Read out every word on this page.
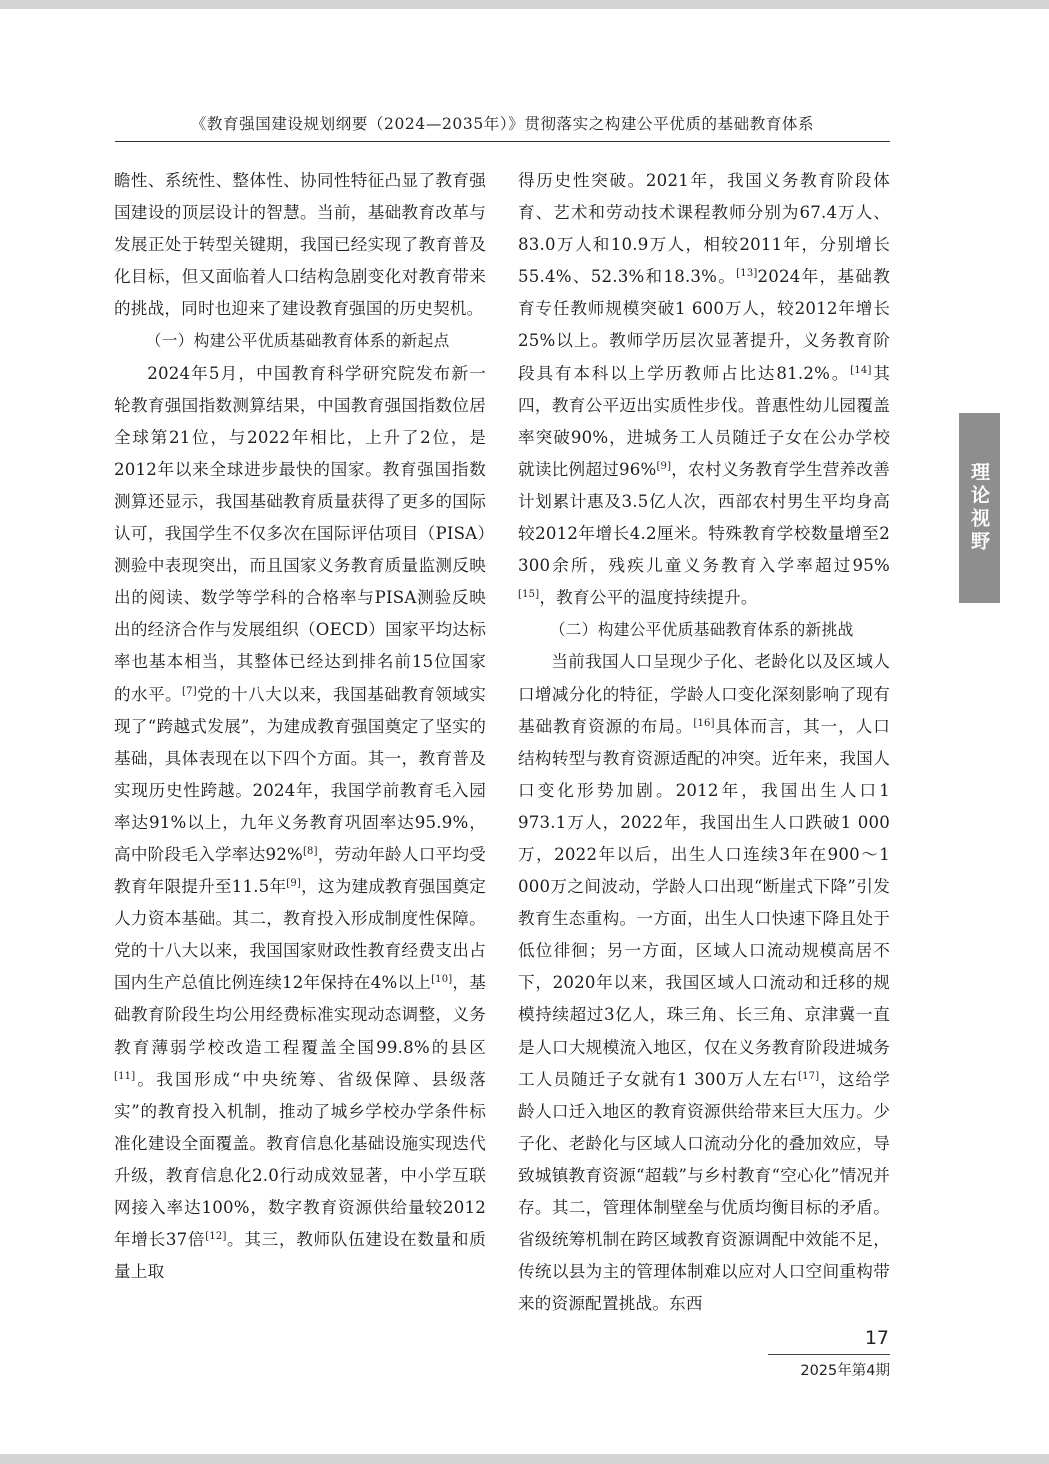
《教育强国建设规划纲要（2024—2035年）》贯彻落实之构建公平优质的基础教育体系

瞻性、系统性、整体性、协同性特征凸显了教育强国建设的顶层设计的智慧。当前，基础教育改革与发展正处于转型关键期，我国已经实现了教育普及化目标，但又面临着人口结构急剧变化对教育带来的挑战，同时也迎来了建设教育强国的历史契机。

（一）构建公平优质基础教育体系的新起点

2024年5月，中国教育科学研究院发布新一轮教育强国指数测算结果，中国教育强国指数位居全球第21位，与2022年相比，上升了2位，是2012年以来全球进步最快的国家。教育强国指数测算还显示，我国基础教育质量获得了更多的国际认可，我国学生不仅多次在国际评估项目（PISA）测验中表现突出，而且国家义务教育质量监测反映出的阅读、数学等学科的合格率与PISA测验反映出的经济合作与发展组织（OECD）国家平均达标率也基本相当，其整体已经达到排名前15位国家的水平。[7]党的十八大以来，我国基础教育领域实现了“跨越式发展”，为建成教育强国奠定了坚实的基础，具体表现在以下四个方面。其一，教育普及实现历史性跨越。2024年，我国学前教育毛入园率达91%以上，九年义务教育巩固率达95.9%，高中阶段毛入学率达92%[8]，劳动年龄人口平均受教育年限提升至11.5年[9]，这为建成教育强国奠定人力资本基础。其二，教育投入形成制度性保障。党的十八大以来，我国国家财政性教育经费支出占国内生产总值比例连续12年保持在4%以上[10]，基础教育阶段生均公用经费标准实现动态调整，义务教育薄弱学校改造工程覆盖全国99.8%的县区[11]。我国形成“中央统筹、省级保障、县级落实”的教育投入机制，推动了城乡学校办学条件标准化建设全面覆盖。教育信息化基础设施实现迭代升级，教育信息化2.0行动成效显著，中小学互联网接入率达100%，数字教育资源供给量较2012年增长37倍[12]。其三，教师队伍建设在数量和质量上取

得历史性突破。2021年，我国义务教育阶段体育、艺术和劳动技术课程教师分别为67.4万人、83.0万人和10.9万人，相较2011年，分别增长55.4%、52.3%和18.3%。[13]2024年，基础教育专任教师规模突破1 600万人，较2012年增长25%以上。教师学历层次显著提升，义务教育阶段具有本科以上学历教师占比达81.2%。[14]其四，教育公平迈出实质性步伐。普惠性幼儿园覆盖率突破90%，进城务工人员随迁子女在公办学校就读比例超过96%[9]，农村义务教育学生营养改善计划累计惠及3.5亿人次，西部农村男生平均身高较2012年增长4.2厘米。特殊教育学校数量增至2 300余所，残疾儿童义务教育入学率超过95%[15]，教育公平的温度持续提升。

（二）构建公平优质基础教育体系的新挑战

当前我国人口呈现少子化、老龄化以及区域人口增减分化的特征，学龄人口变化深刻影响了现有基础教育资源的布局。[16]具体而言，其一，人口结构转型与教育资源适配的冲突。近年来，我国人口变化形势加剧。2012年，我国出生人口1 973.1万人，2022年，我国出生人口跌破1 000万，2022年以后，出生人口连续3年在900～1 000万之间波动，学龄人口出现“断崖式下降”引发教育生态重构。一方面，出生人口快速下降且处于低位徘徊；另一方面，区域人口流动规模高居不下，2020年以来，我国区域人口流动和迁移的规模持续超过3亿人，珠三角、长三角、京津冀一直是人口大规模流入地区，仅在义务教育阶段进城务工人员随迁子女就有1 300万人左右[17]，这给学龄人口迁入地区的教育资源供给带来巨大压力。少子化、老龄化与区域人口流动分化的叠加效应，导致城镇教育资源“超载”与乡村教育“空心化”情况并存。其二，管理体制壁垒与优质均衡目标的矛盾。省级统筹机制在跨区域教育资源调配中效能不足，传统以县为主的管理体制难以应对人口空间重构带来的资源配置挑战。东西

理论视野
17
2025年第4期
